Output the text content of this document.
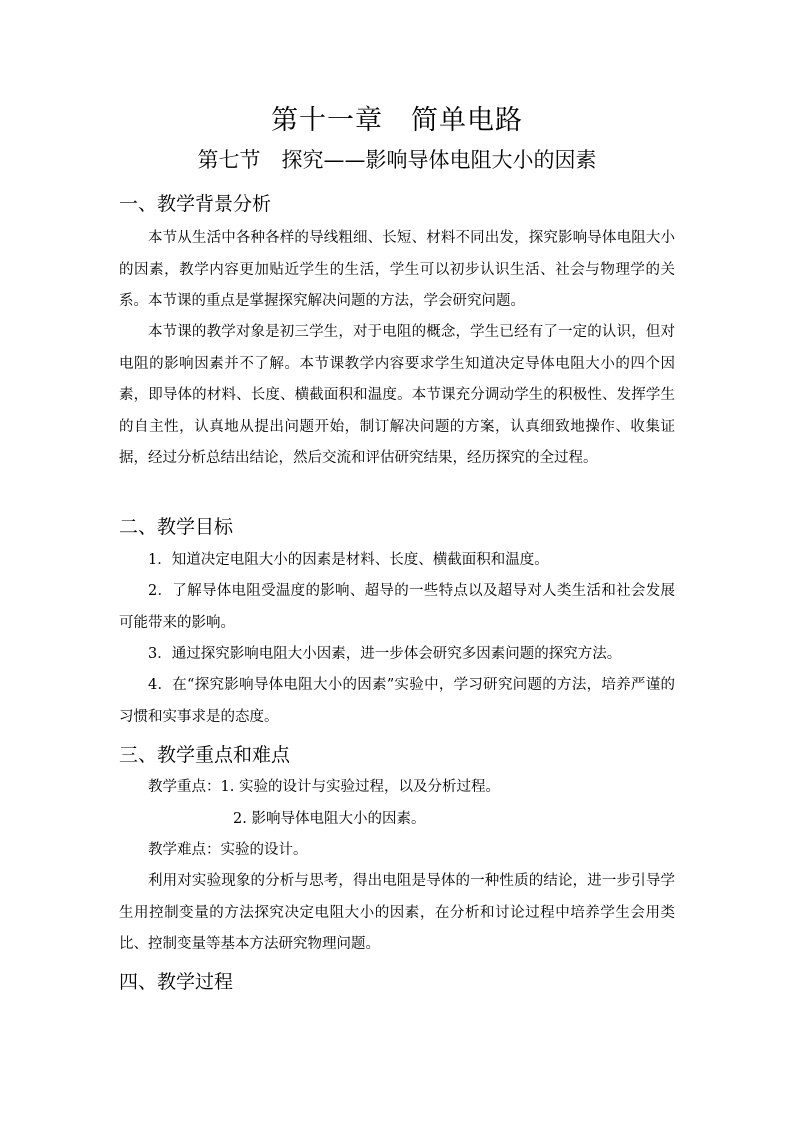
第十一章　简单电路
第七节　探究——影响导体电阻大小的因素
一、教学背景分析
本节从生活中各种各样的导线粗细、长短、材料不同出发，探究影响导体电阻大小的因素，教学内容更加贴近学生的生活，学生可以初步认识生活、社会与物理学的关系。本节课的重点是掌握探究解决问题的方法，学会研究问题。
本节课的教学对象是初三学生，对于电阻的概念，学生已经有了一定的认识，但对电阻的影响因素并不了解。本节课教学内容要求学生知道决定导体电阻大小的四个因素，即导体的材料、长度、横截面积和温度。本节课充分调动学生的积极性、发挥学生的自主性，认真地从提出问题开始，制订解决问题的方案，认真细致地操作、收集证据，经过分析总结出结论，然后交流和评估研究结果，经历探究的全过程。
二、教学目标
1．知道决定电阻大小的因素是材料、长度、横截面积和温度。
2．了解导体电阻受温度的影响、超导的一些特点以及超导对人类生活和社会发展可能带来的影响。
3．通过探究影响电阻大小因素，进一步体会研究多因素问题的探究方法。
4．在“探究影响导体电阻大小的因素”实验中，学习研究问题的方法，培养严谨的习惯和实事求是的态度。
三、教学重点和难点
教学重点：1. 实验的设计与实验过程，以及分析过程。
2. 影响导体电阻大小的因素。
教学难点：实验的设计。
利用对实验现象的分析与思考，得出电阻是导体的一种性质的结论，进一步引导学生用控制变量的方法探究决定电阻大小的因素，在分析和讨论过程中培养学生会用类比、控制变量等基本方法研究物理问题。
四、教学过程
